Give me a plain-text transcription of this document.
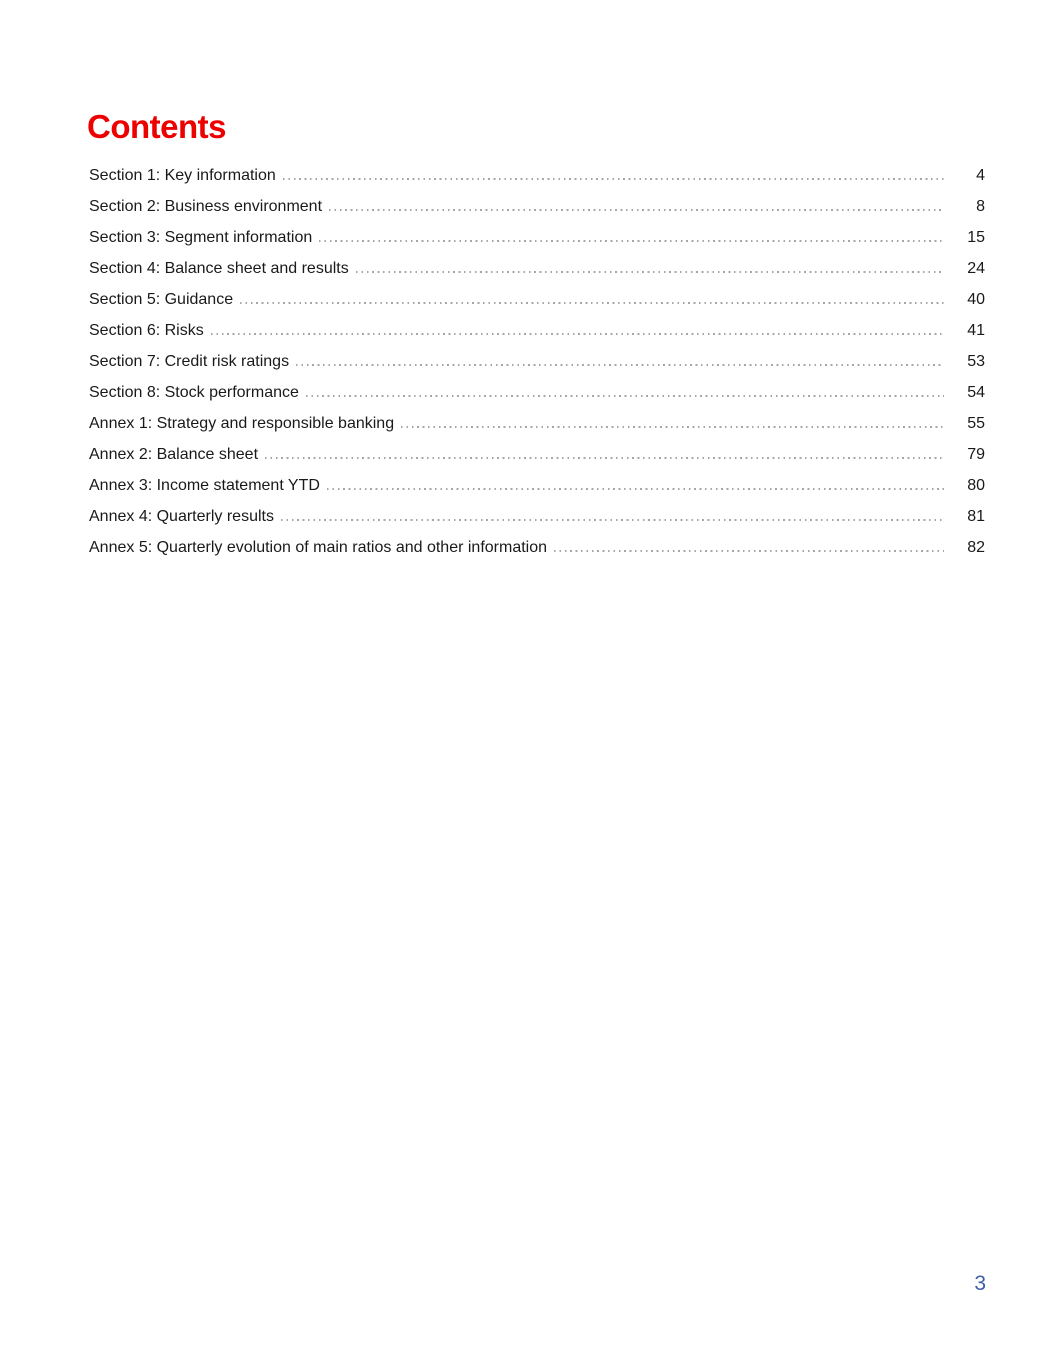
Contents
Section 1: Key information	4
Section 2: Business environment	8
Section 3: Segment information	15
Section 4: Balance sheet and results	24
Section 5: Guidance	40
Section 6: Risks	41
Section 7: Credit risk ratings	53
Section 8: Stock performance	54
Annex 1: Strategy and responsible banking	55
Annex 2: Balance sheet	79
Annex 3: Income statement YTD	80
Annex 4: Quarterly results	81
Annex 5: Quarterly evolution of main ratios and other information	82
3
